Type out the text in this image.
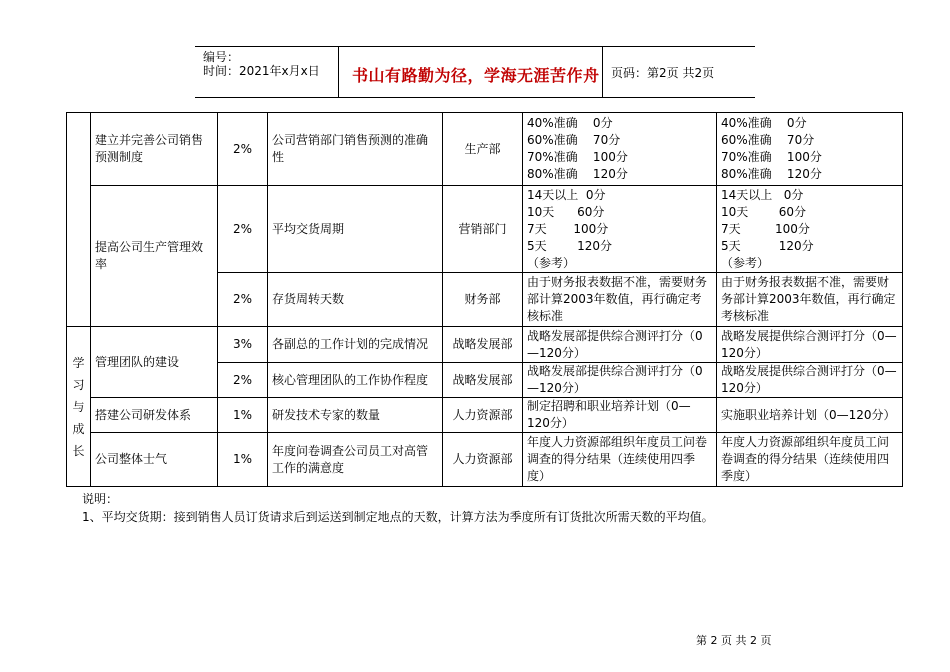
编号：
时间：2021年x月x日 书山有路勤为径，学海无涯苦作舟 页码：第2页 共2页
	建立并完善公司销售预测制度	2%	公司营销部门销售预测的准确性	生产部	40%准确    0分
60%准确    70分
70%准确    100分
80%准确    120分	40%准确    0分
60%准确    70分
70%准确    100分
80%准确    120分

	提高公司生产管理效率	2%	平均交货周期	营销部门	14天以上  0分
10天      60分
7天       100分
5天        120分
（参考）	14天以上   0分
10天        60分
7天         100分
5天          120分
（参考）

		2%	存货周转天数	财务部	由于财务报表数据不准，需要财务部计算2003年数值，再行确定考核标准	由于财务报表数据不准，需要财务部计算2003年数值，再行确定考核标准

学
习
与
成
长	管理团队的建设	3%	各副总的工作计划的完成情况	战略发展部	战略发展部提供综合测评打分（0—120分）	战略发展提供综合测评打分（0—120分）
		2%	核心管理团队的工作协作程度	战略发展部	战略发展部提供综合测评打分（0—120分）	战略发展提供综合测评打分（0—120分）
	搭建公司研发体系	1%	研发技术专家的数量	人力资源部	制定招聘和职业培养计划（0—120分）	实施职业培养计划（0—120分）
	公司整体士气	1%	年度问卷调查公司员工对高管工作的满意度	人力资源部	年度人力资源部组织年度员工问卷调查的得分结果（连续使用四季度）	年度人力资源部组织年度员工问卷调查的得分结果（连续使用四季度）
说明：
1、平均交货期：接到销售人员订货请求后到运送到制定地点的天数，计算方法为季度所有订货批次所需天数的平均值。
第 2 页 共 2 页
